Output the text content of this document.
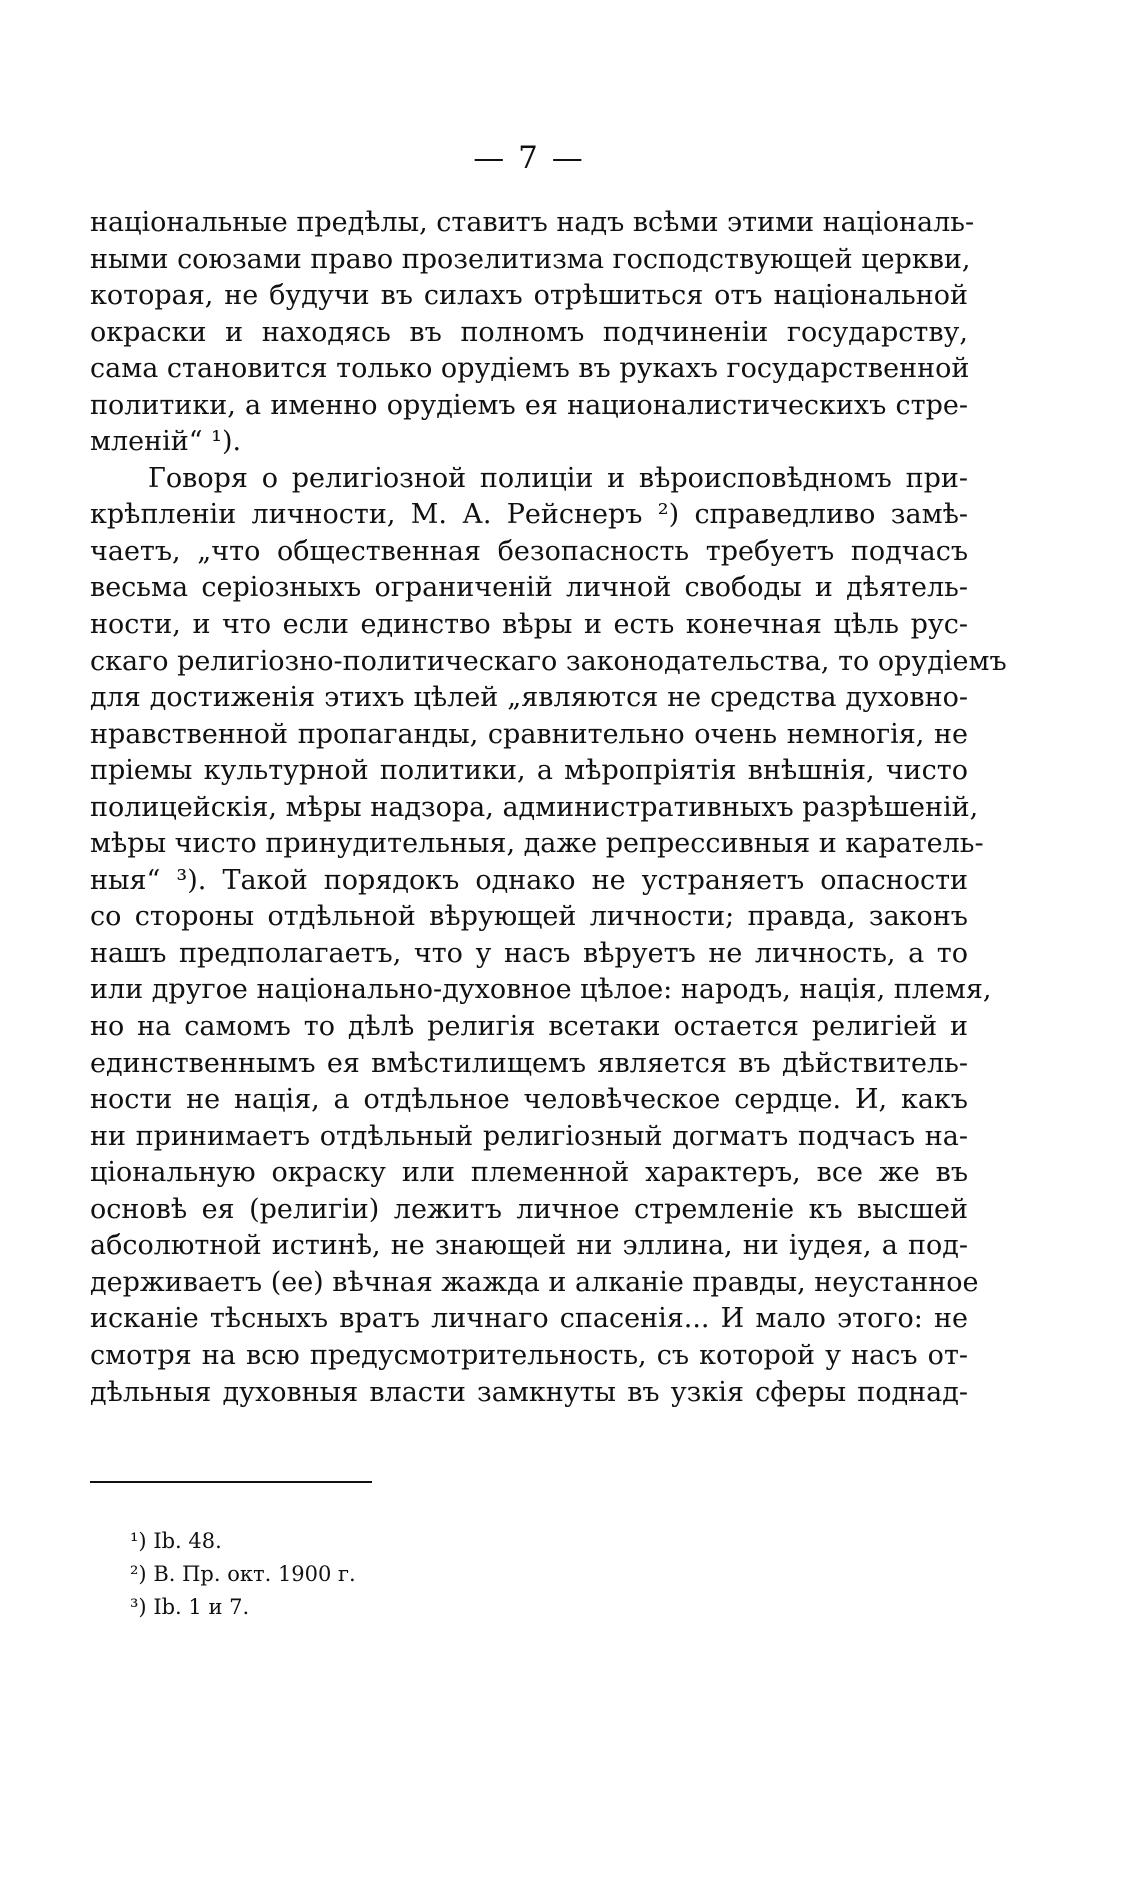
— 7 —
національные предѣлы, ставитъ надъ всѣми этими національ-
ными союзами право прозелитизма господствующей церкви,
которая, не будучи въ силахъ отрѣшиться отъ національной
окраски и находясь въ полномъ подчиненіи государству,
сама становится только орудіемъ въ рукахъ государственной
политики, а именно орудіемъ ея националистическихъ стре-
мленій“ ¹).
Говоря о религіозной полиціи и вѣроисповѣдномъ при-
крѣпленіи личности, М. А. Рейснеръ ²) справедливо замѣ-
чаетъ, „что общественная безопасность требуетъ подчасъ
весьма серіозныхъ ограниченій личной свободы и дѣятель-
ности, и что если единство вѣры и есть конечная цѣль рус-
скаго религіозно-политическаго законодательства, то орудіемъ
для достиженія этихъ цѣлей „являются не средства духовно-
нравственной пропаганды, сравнительно очень немногія, не
пріемы культурной политики, а мѣропріятія внѣшнія, чисто
полицейскія, мѣры надзора, административныхъ разрѣшеній,
мѣры чисто принудительныя, даже репрессивныя и каратель-
ныя“ ³). Такой порядокъ однако не устраняетъ опасности
со стороны отдѣльной вѣрующей личности; правда, законъ
нашъ предполагаетъ, что у насъ вѣруетъ не личность, а то
или другое національно-духовное цѣлое: народъ, нація, племя,
но на самомъ то дѣлѣ религія всетаки остается религіей и
единственнымъ ея вмѣстилищемъ является въ дѣйствитель-
ности не нація, а отдѣльное человѣческое сердце. И, какъ
ни принимаетъ отдѣльный религіозный догматъ подчасъ на-
ціональную окраску или племенной характеръ, все же въ
основѣ ея (религіи) лежитъ личное стремленіе къ высшей
абсолютной истинѣ, не знающей ни эллина, ни іудея, а под-
держиваетъ (ее) вѣчная жажда и алканіе правды, неустанное
исканіе тѣсныхъ вратъ личнаго спасенія... И мало этого: не
смотря на всю предусмотрительность, съ которой у насъ от-
дѣльныя духовныя власти замкнуты въ узкія сферы поднад-
¹) Ib. 48.
²) В. Пр. окт. 1900 г.
³) Ib. 1 и 7.
